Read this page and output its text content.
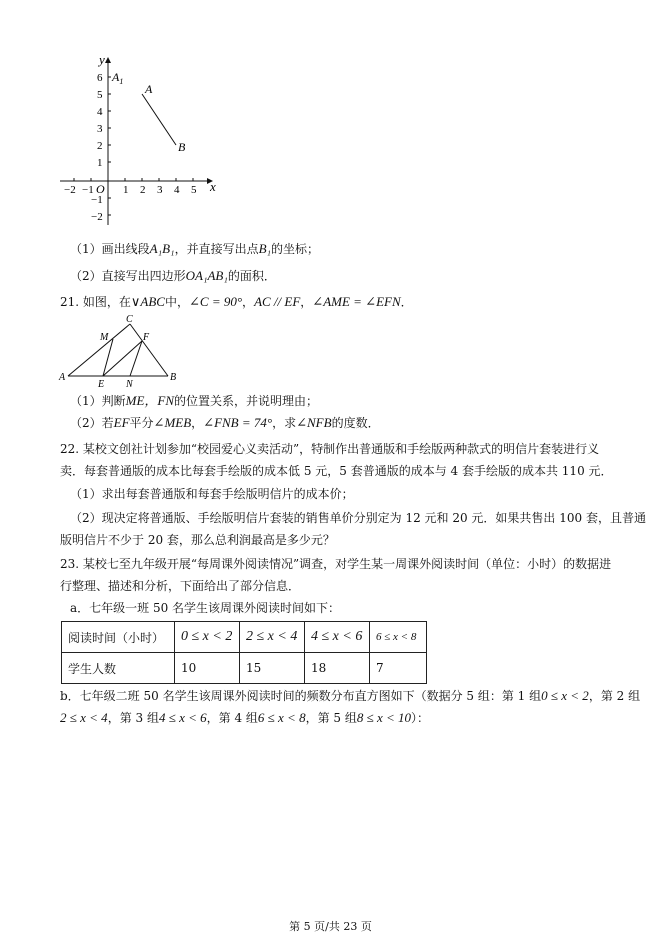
y
x
O
−2 −1	1 2 3 4 5
6
5
4
3
2
1
−1
−2
$A_1$
A
B
（1）画出线段A₁B₁，并直接写出点B₁的坐标；
（2）直接写出四边形OA₁AB₁的面积．
21. 如图，在∨ABC中，∠C = 90°，AC // EF，∠AME = ∠EFN．
C
M	F
A
E N
B
（1）判断ME，FN的位置关系，并说明理由；
（2）若EF平分∠MEB，∠FNB = 74°，求∠NFB的度数．
22. 某校文创社计划参加“校园爱心义卖活动”，特制作出普通版和手绘版两种款式的明信片套装进行义
卖．每套普通版的成本比每套手绘版的成本低 5 元，5 套普通版的成本与 4 套手绘版的成本共 110 元．
（1）求出每套普通版和每套手绘版明信片的成本价；
（2）现决定将普通版、手绘版明信片套装的销售单价分别定为 12 元和 20 元．如果共售出 100 套，且普通
版明信片不少于 20 套，那么总利润最高是多少元？
23. 某校七至九年级开展“每周课外阅读情况”调查，对学生某一周课外阅读时间（单位：小时）的数据进
行整理、描述和分析，下面给出了部分信息．
a．七年级一班 50 名学生该周课外阅读时间如下：
阅读时间（小时）	0 ≤ x < 2	2 ≤ x < 4	4 ≤ x < 6	6 ≤ x < 8
学生人数	10	15	18	7
b．七年级二班 50 名学生该周课外阅读时间的频数分布直方图如下（数据分 5 组：第 1 组0 ≤ x < 2，第 2 组
2 ≤ x < 4，第 3 组4 ≤ x < 6，第 4 组6 ≤ x < 8，第 5 组8 ≤ x < 10）：
第 5 页/共 23 页
